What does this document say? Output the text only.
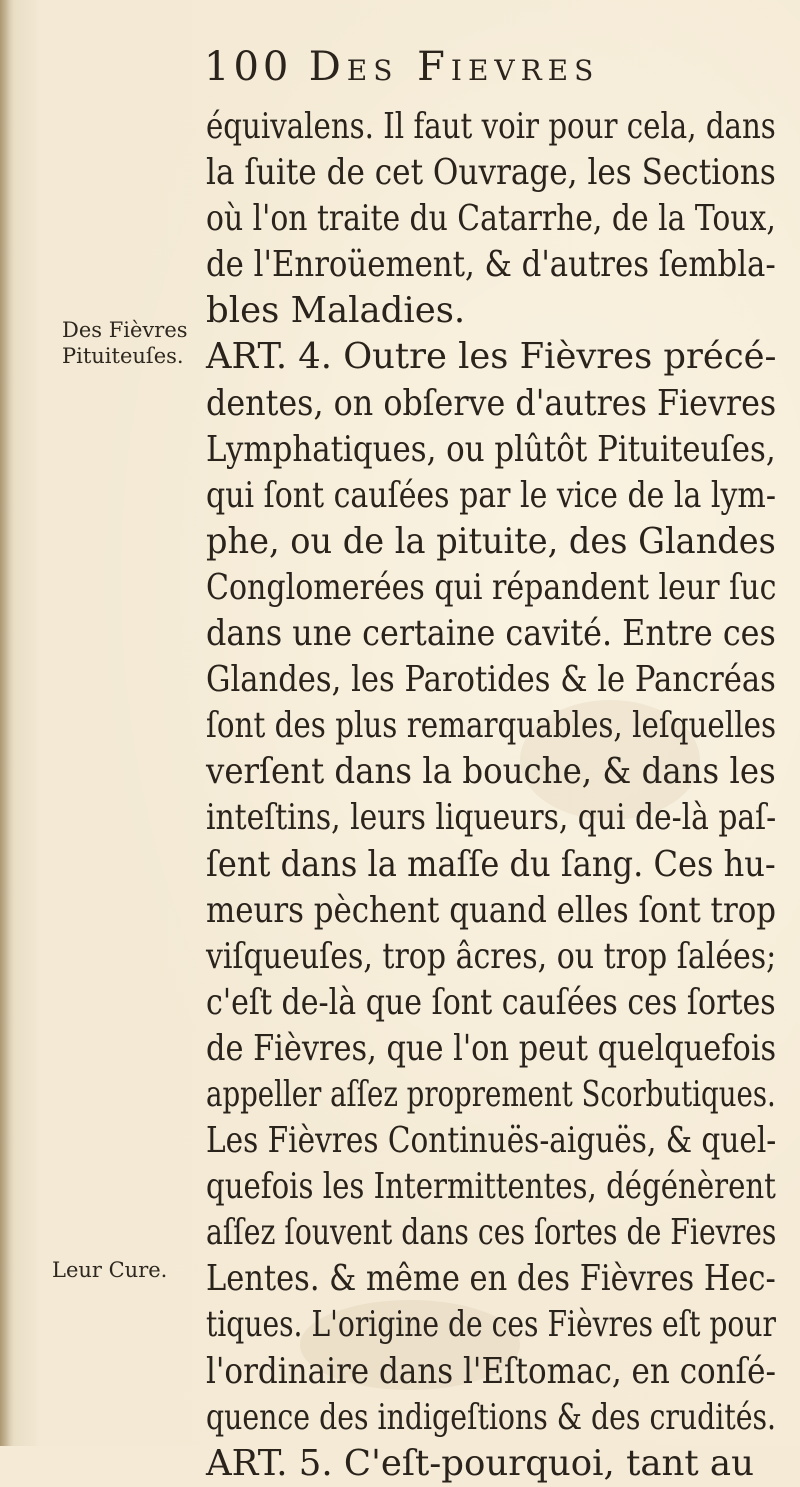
100 Des Fievres
Des Fièvres
Pituiteuſes.
Leur Cure.
équivalens. Il faut voir pour cela, dans
la ſuite de cet Ouvrage, les Sections
où l'on traite du Catarrhe, de la Toux,
de l'Enroüement, & d'autres ſembla-
bles Maladies.
ART. 4. Outre les Fièvres précé-
dentes, on obſerve d'autres Fievres
Lymphatiques, ou plûtôt Pituiteuſes,
qui ſont cauſées par le vice de la lym-
phe, ou de la pituite, des Glandes
Conglomerées qui répandent leur ſuc
dans une certaine cavité. Entre ces
Glandes, les Parotides & le Pancréas
ſont des plus remarquables, leſquelles
verſent dans la bouche, & dans les
inteſtins, leurs liqueurs, qui de-là paſ-
ſent dans la maſſe du ſang. Ces hu-
meurs pèchent quand elles ſont trop
viſqueuſes, trop âcres, ou trop ſalées;
c'eſt de-là que ſont cauſées ces ſortes
de Fièvres, que l'on peut quelquefois
appeller aſſez proprement Scorbutiques.
Les Fièvres Continuës-aiguës, & quel-
quefois les Intermittentes, dégénèrent
aſſez ſouvent dans ces ſortes de Fievres
Lentes. & même en des Fièvres Hec-
tiques. L'origine de ces Fièvres eſt pour
l'ordinaire dans l'Eſtomac, en conſé-
quence des indigeſtions & des crudités.
ART. 5. C'eſt-pourquoi, tant au
